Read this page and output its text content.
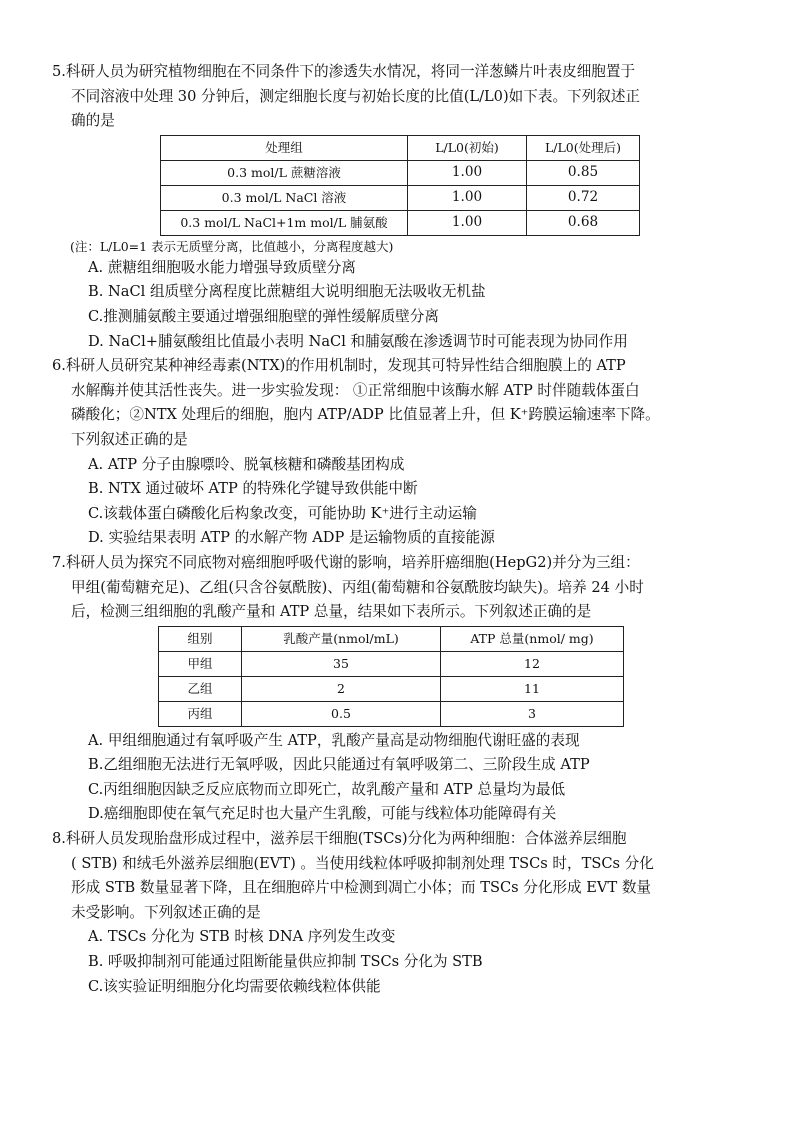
5.科研人员为研究植物细胞在不同条件下的渗透失水情况，将同一洋葱鳞片叶表皮细胞置于

不同溶液中处理 30 分钟后，测定细胞长度与初始长度的比值(L/L0)如下表。下列叙述正

确的是

处理组	L/L0(初始)	L/L0(处理后)
0.3 mol/L 蔗糖溶液	1.00	0.85
0.3 mol/L NaCl 溶液	1.00	0.72
0.3 mol/L NaCl+1m mol/L 脯氨酸	1.00	0.68

(注：L/L0=1 表示无质壁分离，比值越小，分离程度越大)

A. 蔗糖组细胞吸水能力增强导致质壁分离

B. NaCl 组质壁分离程度比蔗糖组大说明细胞无法吸收无机盐

C.推测脯氨酸主要通过增强细胞壁的弹性缓解质壁分离

D. NaCl+脯氨酸组比值最小表明 NaCl 和脯氨酸在渗透调节时可能表现为协同作用

6.科研人员研究某种神经毒素(NTX)的作用机制时，发现其可特异性结合细胞膜上的 ATP

水解酶并使其活性丧失。进一步实验发现： ①正常细胞中该酶水解 ATP 时伴随载体蛋白

磷酸化；②NTX 处理后的细胞，胞内 ATP/ADP 比值显著上升，但 K⁺跨膜运输速率下降。

下列叙述正确的是

A. ATP 分子由腺嘌呤、脱氧核糖和磷酸基团构成

B. NTX 通过破坏 ATP 的特殊化学键导致供能中断

C.该载体蛋白磷酸化后构象改变，可能协助 K⁺进行主动运输

D. 实验结果表明 ATP 的水解产物 ADP 是运输物质的直接能源

7.科研人员为探究不同底物对癌细胞呼吸代谢的影响，培养肝癌细胞(HepG2)并分为三组：

甲组(葡萄糖充足)、乙组(只含谷氨酰胺)、丙组(葡萄糖和谷氨酰胺均缺失)。培养 24 小时

后，检测三组细胞的乳酸产量和 ATP 总量，结果如下表所示。下列叙述正确的是

组别	乳酸产量(nmol/mL)	ATP 总量(nmol/ mg)
甲组	35	12
乙组	2	11
丙组	0.5	3

A. 甲组细胞通过有氧呼吸产生 ATP，乳酸产量高是动物细胞代谢旺盛的表现

B.乙组细胞无法进行无氧呼吸，因此只能通过有氧呼吸第二、三阶段生成 ATP

C.丙组细胞因缺乏反应底物而立即死亡，故乳酸产量和 ATP 总量均为最低

D.癌细胞即使在氧气充足时也大量产生乳酸，可能与线粒体功能障碍有关

8.科研人员发现胎盘形成过程中，滋养层干细胞(TSCs)分化为两种细胞：合体滋养层细胞

( STB) 和绒毛外滋养层细胞(EVT) 。当使用线粒体呼吸抑制剂处理 TSCs 时，TSCs 分化

形成 STB 数量显著下降，且在细胞碎片中检测到凋亡小体；而 TSCs 分化形成 EVT 数量

未受影响。下列叙述正确的是

A. TSCs 分化为 STB 时核 DNA 序列发生改变

B. 呼吸抑制剂可能通过阻断能量供应抑制 TSCs 分化为 STB

C.该实验证明细胞分化均需要依赖线粒体供能
